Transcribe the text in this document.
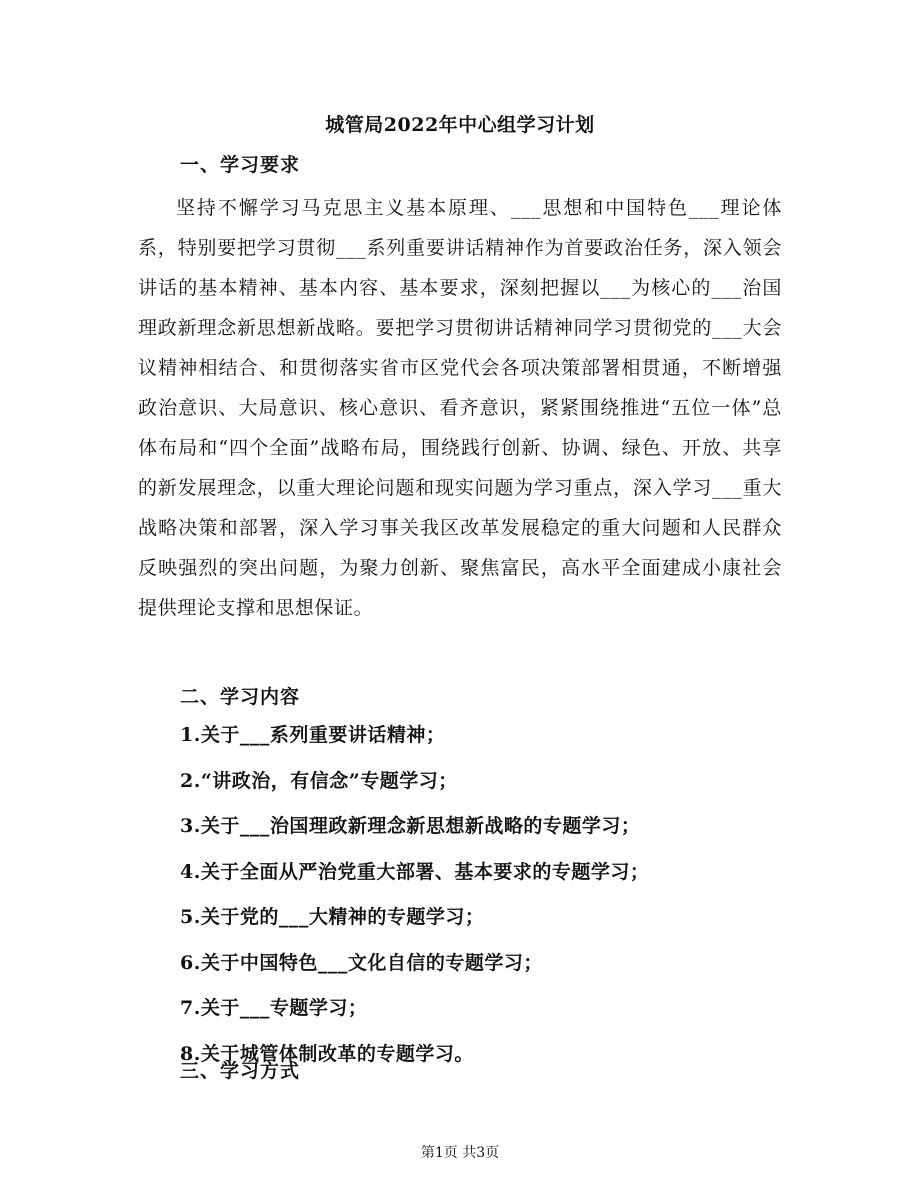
城管局2022年中心组学习计划
一、学习要求
坚持不懈学习马克思主义基本原理、___思想和中国特色___理论体系，特别要把学习贯彻___系列重要讲话精神作为首要政治任务，深入领会讲话的基本精神、基本内容、基本要求，深刻把握以___为核心的___治国理政新理念新思想新战略。要把学习贯彻讲话精神同学习贯彻党的___大会议精神相结合、和贯彻落实省市区党代会各项决策部署相贯通，不断增强政治意识、大局意识、核心意识、看齐意识，紧紧围绕推进“五位一体”总体布局和“四个全面”战略布局，围绕践行创新、协调、绿色、开放、共享的新发展理念，以重大理论问题和现实问题为学习重点，深入学习___重大战略决策和部署，深入学习事关我区改革发展稳定的重大问题和人民群众反映强烈的突出问题，为聚力创新、聚焦富民，高水平全面建成小康社会提供理论支撑和思想保证。
二、学习内容
1.关于___系列重要讲话精神；
2.“讲政治，有信念”专题学习；
3.关于___治国理政新理念新思想新战略的专题学习；
4.关于全面从严治党重大部署、基本要求的专题学习；
5.关于党的___大精神的专题学习；
6.关于中国特色___文化自信的专题学习；
7.关于___专题学习；
8.关于城管体制改革的专题学习。
三、学习方式
第1页 共3页
